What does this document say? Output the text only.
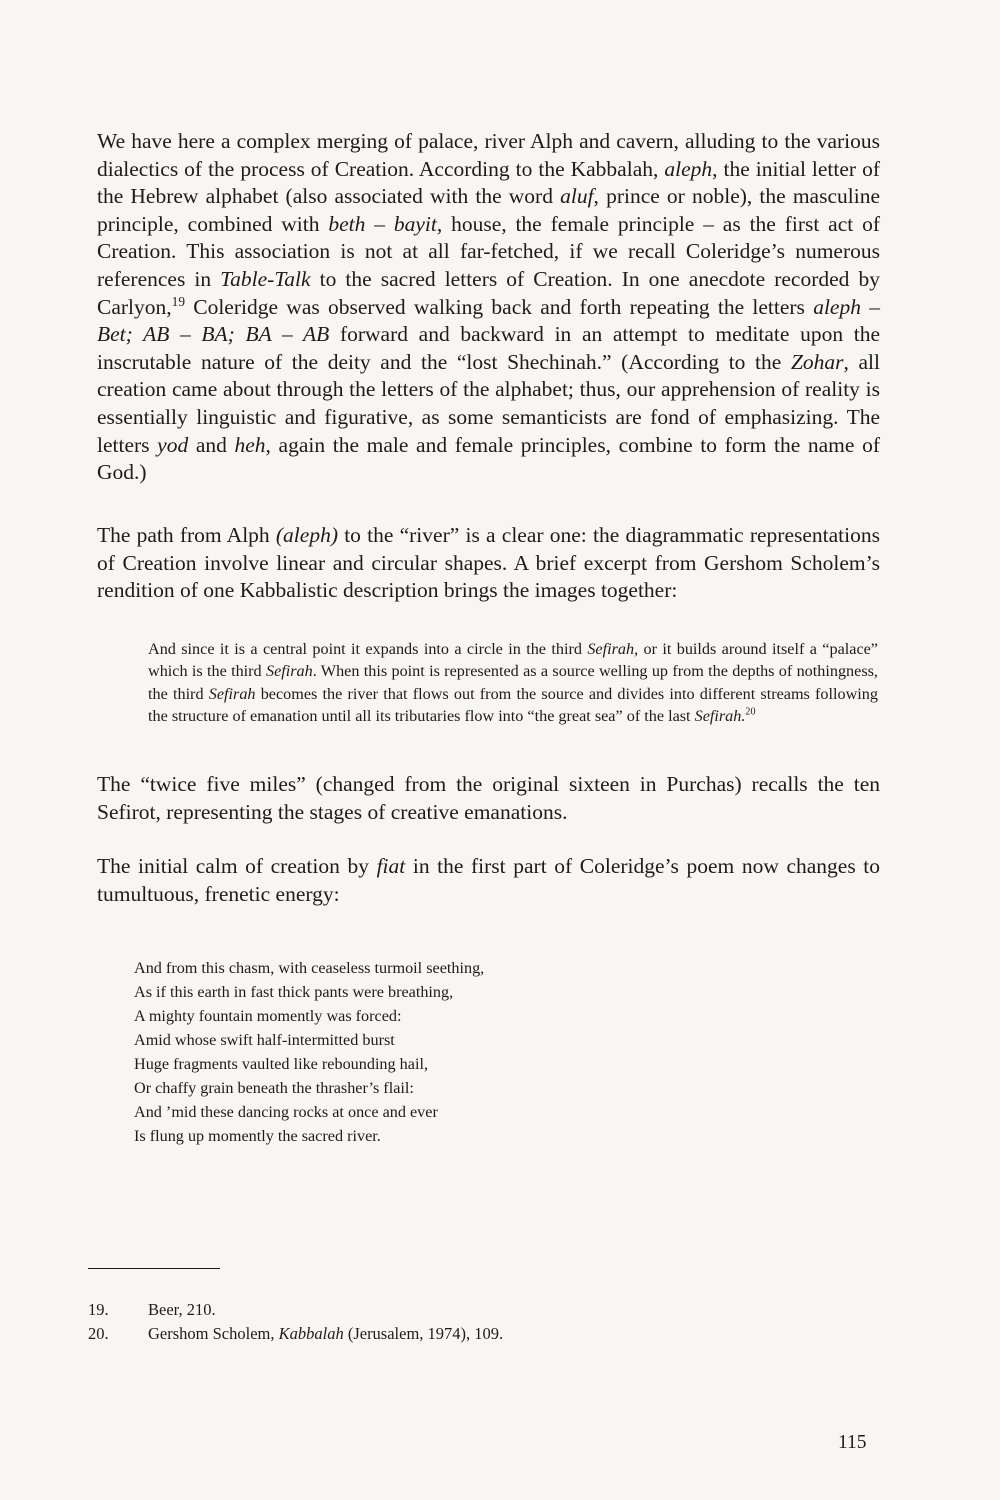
We have here a complex merging of palace, river Alph and cavern, alluding to the various dialectics of the process of Creation. According to the Kabbalah, aleph, the initial letter of the Hebrew alphabet (also associated with the word aluf, prince or noble), the masculine principle, combined with beth – bayit, house, the female principle – as the first act of Creation. This association is not at all far-fetched, if we recall Coleridge’s numerous references in Table-Talk to the sacred letters of Creation. In one anecdote recorded by Carlyon,$^{19}$ Coleridge was observed walking back and forth repeating the letters aleph – Bet; AB – BA; BA – AB forward and backward in an attempt to meditate upon the inscrutable nature of the deity and the “lost Shechinah.” (According to the Zohar, all creation came about through the letters of the alphabet; thus, our apprehension of reality is essentially linguistic and figurative, as some semanticists are fond of emphasizing. The letters yod and heh, again the male and female principles, combine to form the name of God.)

The path from Alph (aleph) to the “river” is a clear one: the diagrammatic representations of Creation involve linear and circular shapes. A brief excerpt from Gershom Scholem’s rendition of one Kabbalistic description brings the images together:

And since it is a central point it expands into a circle in the third Sefirah, or it builds around itself a “palace” which is the third Sefirah. When this point is represented as a source welling up from the depths of nothingness, the third Sefirah becomes the river that flows out from the source and divides into different streams following the structure of emanation until all its tributaries flow into “the great sea” of the last Sefirah.$^{20}$

The “twice five miles” (changed from the original sixteen in Purchas) recalls the ten Sefirot, representing the stages of creative emanations.

The initial calm of creation by fiat in the first part of Coleridge’s poem now changes to tumultuous, frenetic energy:

And from this chasm, with ceaseless turmoil seething,
As if this earth in fast thick pants were breathing,
A mighty fountain momently was forced:
Amid whose swift half-intermitted burst
Huge fragments vaulted like rebounding hail,
Or chaffy grain beneath the thrasher’s flail:
And ’mid these dancing rocks at once and ever
Is flung up momently the sacred river.
19. Beer, 210.
20. Gershom Scholem, Kabbalah (Jerusalem, 1974), 109.
115
